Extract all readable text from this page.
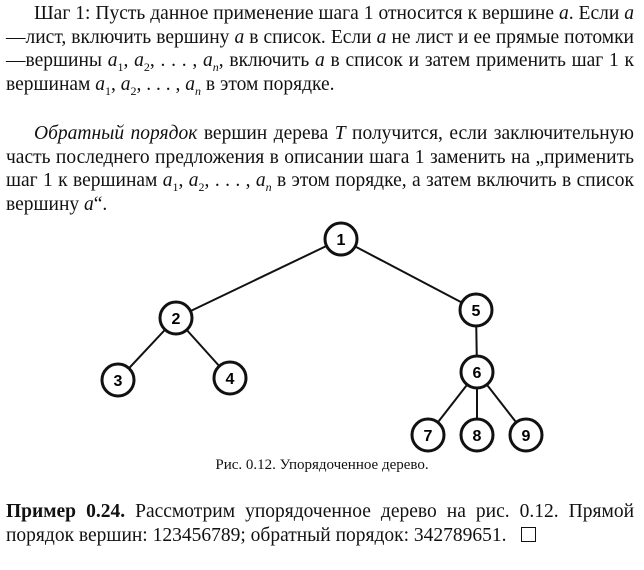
Шаг 1: Пусть данное применение шага 1 относится к вершине a. Если a—лист, включить вершину a в список. Если a не лист и ее прямые потомки—вершины $a_1$, $a_2$, . . . , $a_n$, включить a в список и затем применить шаг 1 к вершинам $a_1$, $a_2$, . . . , $a_n$ в этом порядке.

Обратный порядок вершин дерева T получится, если заключительную часть последнего предложения в описании шага 1 заменить на „применить шаг 1 к вершинам $a_1$, $a_2$, . . . , $a_n$ в этом порядке, а затем включить в список вершину a“.

1
2
3	4
5
6
7	8	9
Рис. 0.12. Упорядоченное дерево.

Пример 0.24. Рассмотрим упорядоченное дерево на рис. 0.12. Прямой порядок вершин: 123456789; обратный порядок: 342789651.
